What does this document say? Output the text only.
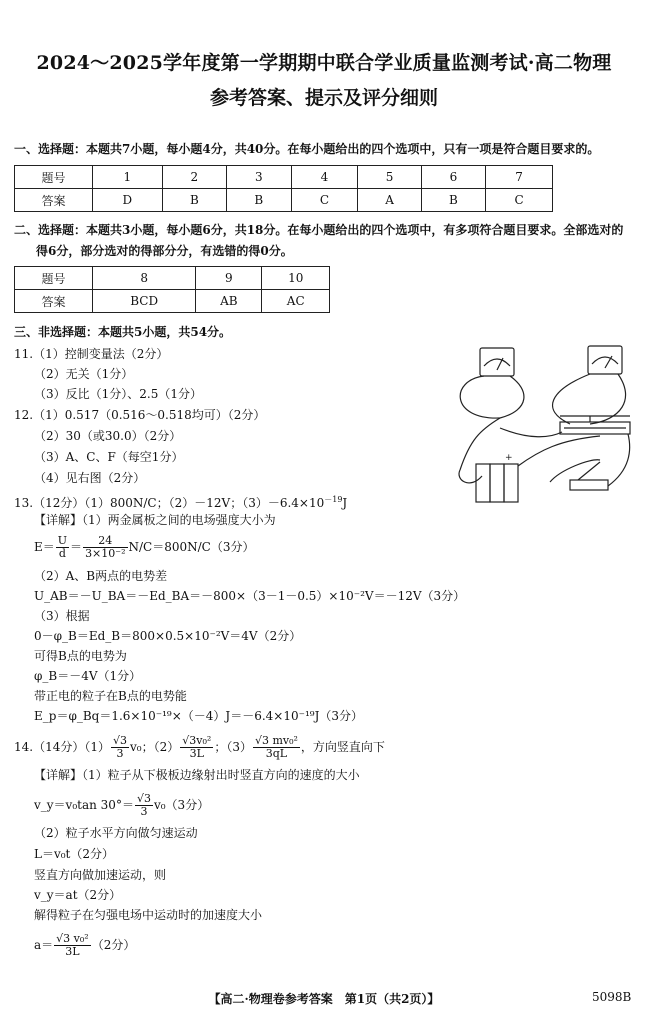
2024～2025学年度第一学期期中联合学业质量监测考试·高二物理
参考答案、提示及评分细则
一、选择题：本题共7小题，每小题4分，共40分。在每小题给出的四个选项中，只有一项是符合题目要求的。
题号	1	2	3	4	5	6	7
答案	D	B	B	C	A	B	C
二、选择题：本题共3小题，每小题6分，共18分。在每小题给出的四个选项中，有多项符合题目要求。全部选对的
得6分，部分选对的得部分分，有选错的得0分。
题号	8	9	10
答案	BCD	AB	AC
三、非选择题：本题共5小题，共54分。
11.（1）控制变量法（2分）
（2）无关（1分）
（3）反比（1分）、2.5（1分）
12.（1）0.517（0.516～0.518均可）（2分）
（2）30（或30.0）（2分）
（3）A、C、F（每空1分）
（4）见右图（2分）
+
13.（12分）（1）800N/C；（2）－12V；$(3)-6.4\times 10^{-19}J$
【详解】（1）两金属板之间的电场强度大小为
$E= \frac{U}{d} = \frac{24}{\text{3×10⁻²}} N/C=800N/C(3$分）
（2）A、B两点的电势差
U_AB＝－U_BA＝－Ed_BA＝－800×（3－1－0.5）×10⁻²V＝－12V（3分）
（3）根据
0－φ_B＝Ed_B＝800×0.5×10⁻²V＝4V（2分）
可得B点的电势为
φ_B＝－4V（1分）
带正电的粒子在B点的电势能
E_p＝φ_Bq＝1.6×10⁻¹⁹×（－4）J＝－6.4×10⁻¹⁹J（3分）
14.（14分）$(1) \frac{√3}{3} v_0$；$(2) \frac{\text{√3v₀²}}{3L}$ ；$(3) \frac{\text{√3 mv₀²}}{3qL}$ ，方向竖直向下
【详解】（1）粒子从下极板边缘射出时竖直方向的速度的大小
v_y＝v₀tan $30^\circ= \frac{√3}{3} v_0(3$分）
（2）粒子水平方向做匀速运动
L＝v₀t（2分）
竖直方向做加速运动，则
v_y＝at（2分）
解得粒子在匀强电场中运动时的加速度大小
$a= \frac{\text{√3 v₀²}}{3L} (2$分）
【高二·物理卷参考答案　第1页（共2页）】	5098B
